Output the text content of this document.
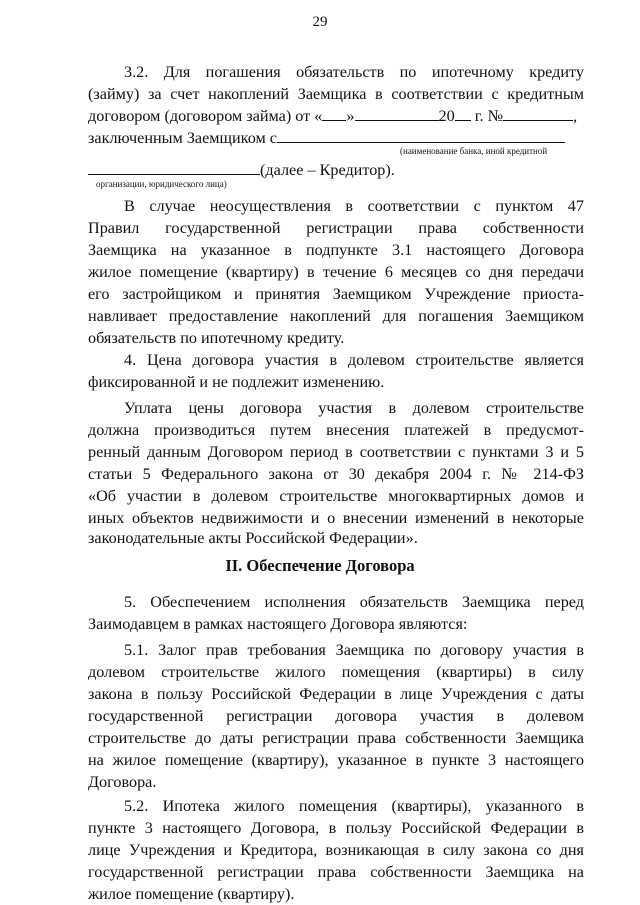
29
3.2. Для погашения обязательств по ипотечному кредиту
(займу) за счет накоплений Заемщика в соответствии с кредитным
договором (договором займа) от « »	20 г. №	,
заключенным Заемщиком с
(наименование банка, иной кредитной
(далее – Кредитор).
организации, юридического лица)
В случае неосуществления в соответствии с пунктом 47
Правил государственной регистрации права собственности
Заемщика на указанное в подпункте 3.1 настоящего Договора
жилое помещение (квартиру) в течение 6 месяцев со дня передачи
его застройщиком и принятия Заемщиком Учреждение приоста-
навливает предоставление накоплений для погашения Заемщиком
обязательств по ипотечному кредиту.
4. Цена договора участия в долевом строительстве является
фиксированной и не подлежит изменению.
Уплата цены договора участия в долевом строительстве
должна производиться путем внесения платежей в предусмот-
ренный данным Договором период в соответствии с пунктами 3 и 5
статьи 5 Федерального закона от 30 декабря 2004 г. № 214-ФЗ
«Об участии в долевом строительстве многоквартирных домов и
иных объектов недвижимости и о внесении изменений в некоторые
законодательные акты Российской Федерации».
II. Обеспечение Договора
5. Обеспечением исполнения обязательств Заемщика перед
Заимодавцем в рамках настоящего Договора являются:
5.1. Залог прав требования Заемщика по договору участия в
долевом строительстве жилого помещения (квартиры) в силу
закона в пользу Российской Федерации в лице Учреждения с даты
государственной регистрации договора участия в долевом
строительстве до даты регистрации права собственности Заемщика
на жилое помещение (квартиру), указанное в пункте 3 настоящего
Договора.
5.2. Ипотека жилого помещения (квартиры), указанного в
пункте 3 настоящего Договора, в пользу Российской Федерации в
лице Учреждения и Кредитора, возникающая в силу закона со дня
государственной регистрации права собственности Заемщика на
жилое помещение (квартиру).
